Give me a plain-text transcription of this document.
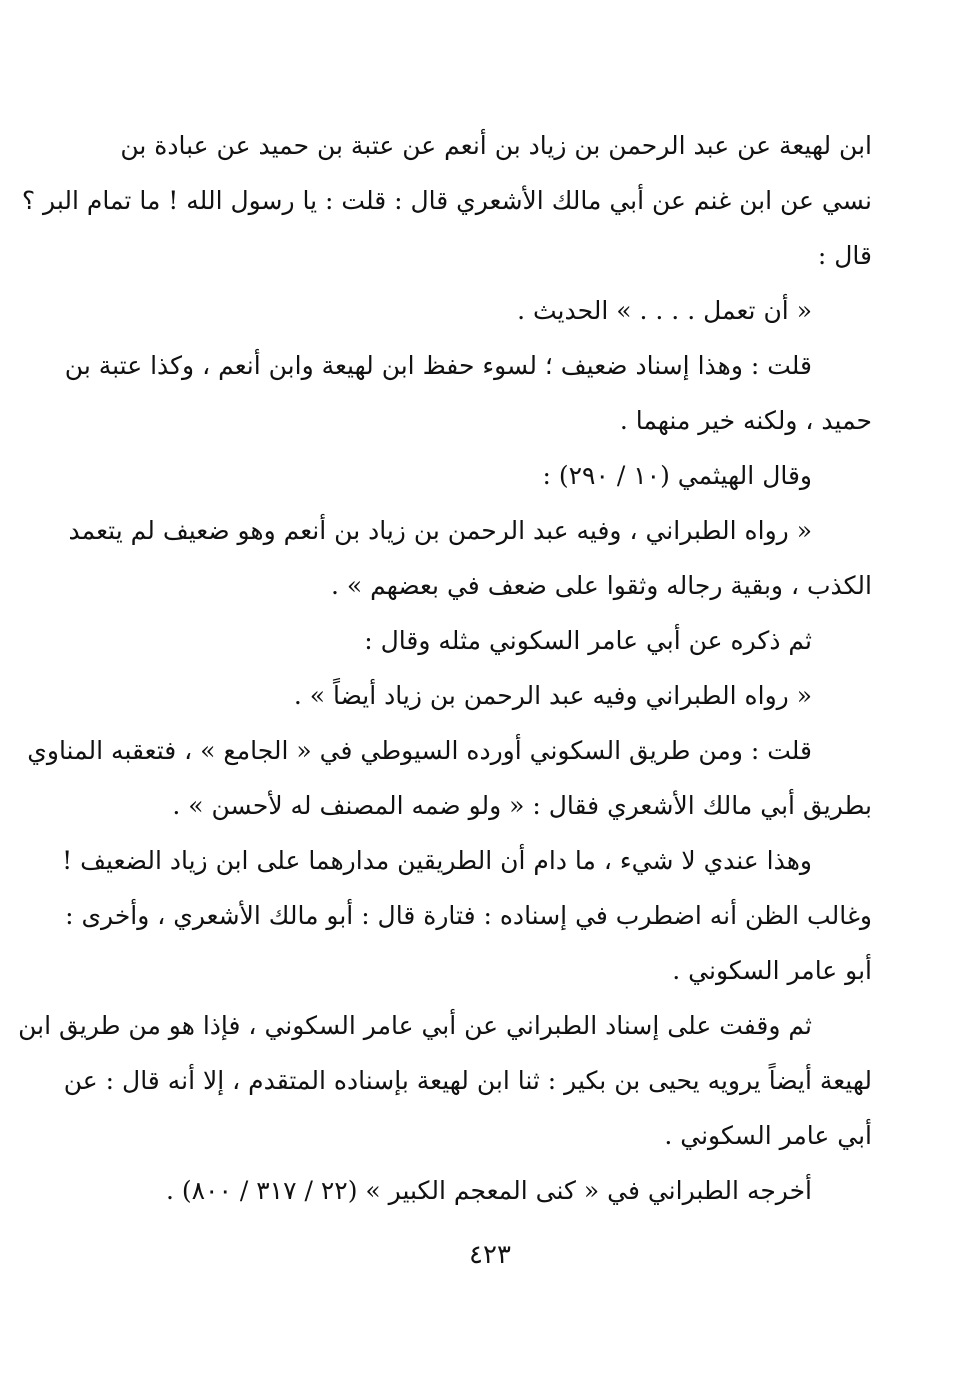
ابن لهيعة عن عبد الرحمن بن زياد بن أنعم عن عتبة بن حميد عن عبادة بن
نسي عن ابن غنم عن أبي مالك الأشعري قال : قلت : يا رسول الله ! ما تمام البر ؟
قال :
« أن تعمل . . . . » الحديث .
قلت : وهذا إسناد ضعيف ؛ لسوء حفظ ابن لهيعة وابن أنعم ، وكذا عتبة بن
حميد ، ولكنه خير منهما .
وقال الهيثمي (١٠ / ٢٩٠) :
« رواه الطبراني ، وفيه عبد الرحمن بن زياد بن أنعم وهو ضعيف لم يتعمد
الكذب ، وبقية رجاله وثقوا على ضعف في بعضهم » .
ثم ذكره عن أبي عامر السكوني مثله وقال :
« رواه الطبراني وفيه عبد الرحمن بن زياد أيضاً » .
قلت : ومن طريق السكوني أورده السيوطي في « الجامع » ، فتعقبه المناوي
بطريق أبي مالك الأشعري فقال : « ولو ضمه المصنف له لأحسن » .
وهذا عندي لا شيء ، ما دام أن الطريقين مدارهما على ابن زياد الضعيف !
وغالب الظن أنه اضطرب في إسناده : فتارة قال : أبو مالك الأشعري ، وأخرى :
أبو عامر السكوني .
ثم وقفت على إسناد الطبراني عن أبي عامر السكوني ، فإذا هو من طريق ابن
لهيعة أيضاً يرويه يحيى بن بكير : ثنا ابن لهيعة بإسناده المتقدم ، إلا أنه قال : عن
أبي عامر السكوني .
أخرجه الطبراني في « كنى المعجم الكبير » (٢٢ / ٣١٧ / ٨٠٠) .
٤٢٣
